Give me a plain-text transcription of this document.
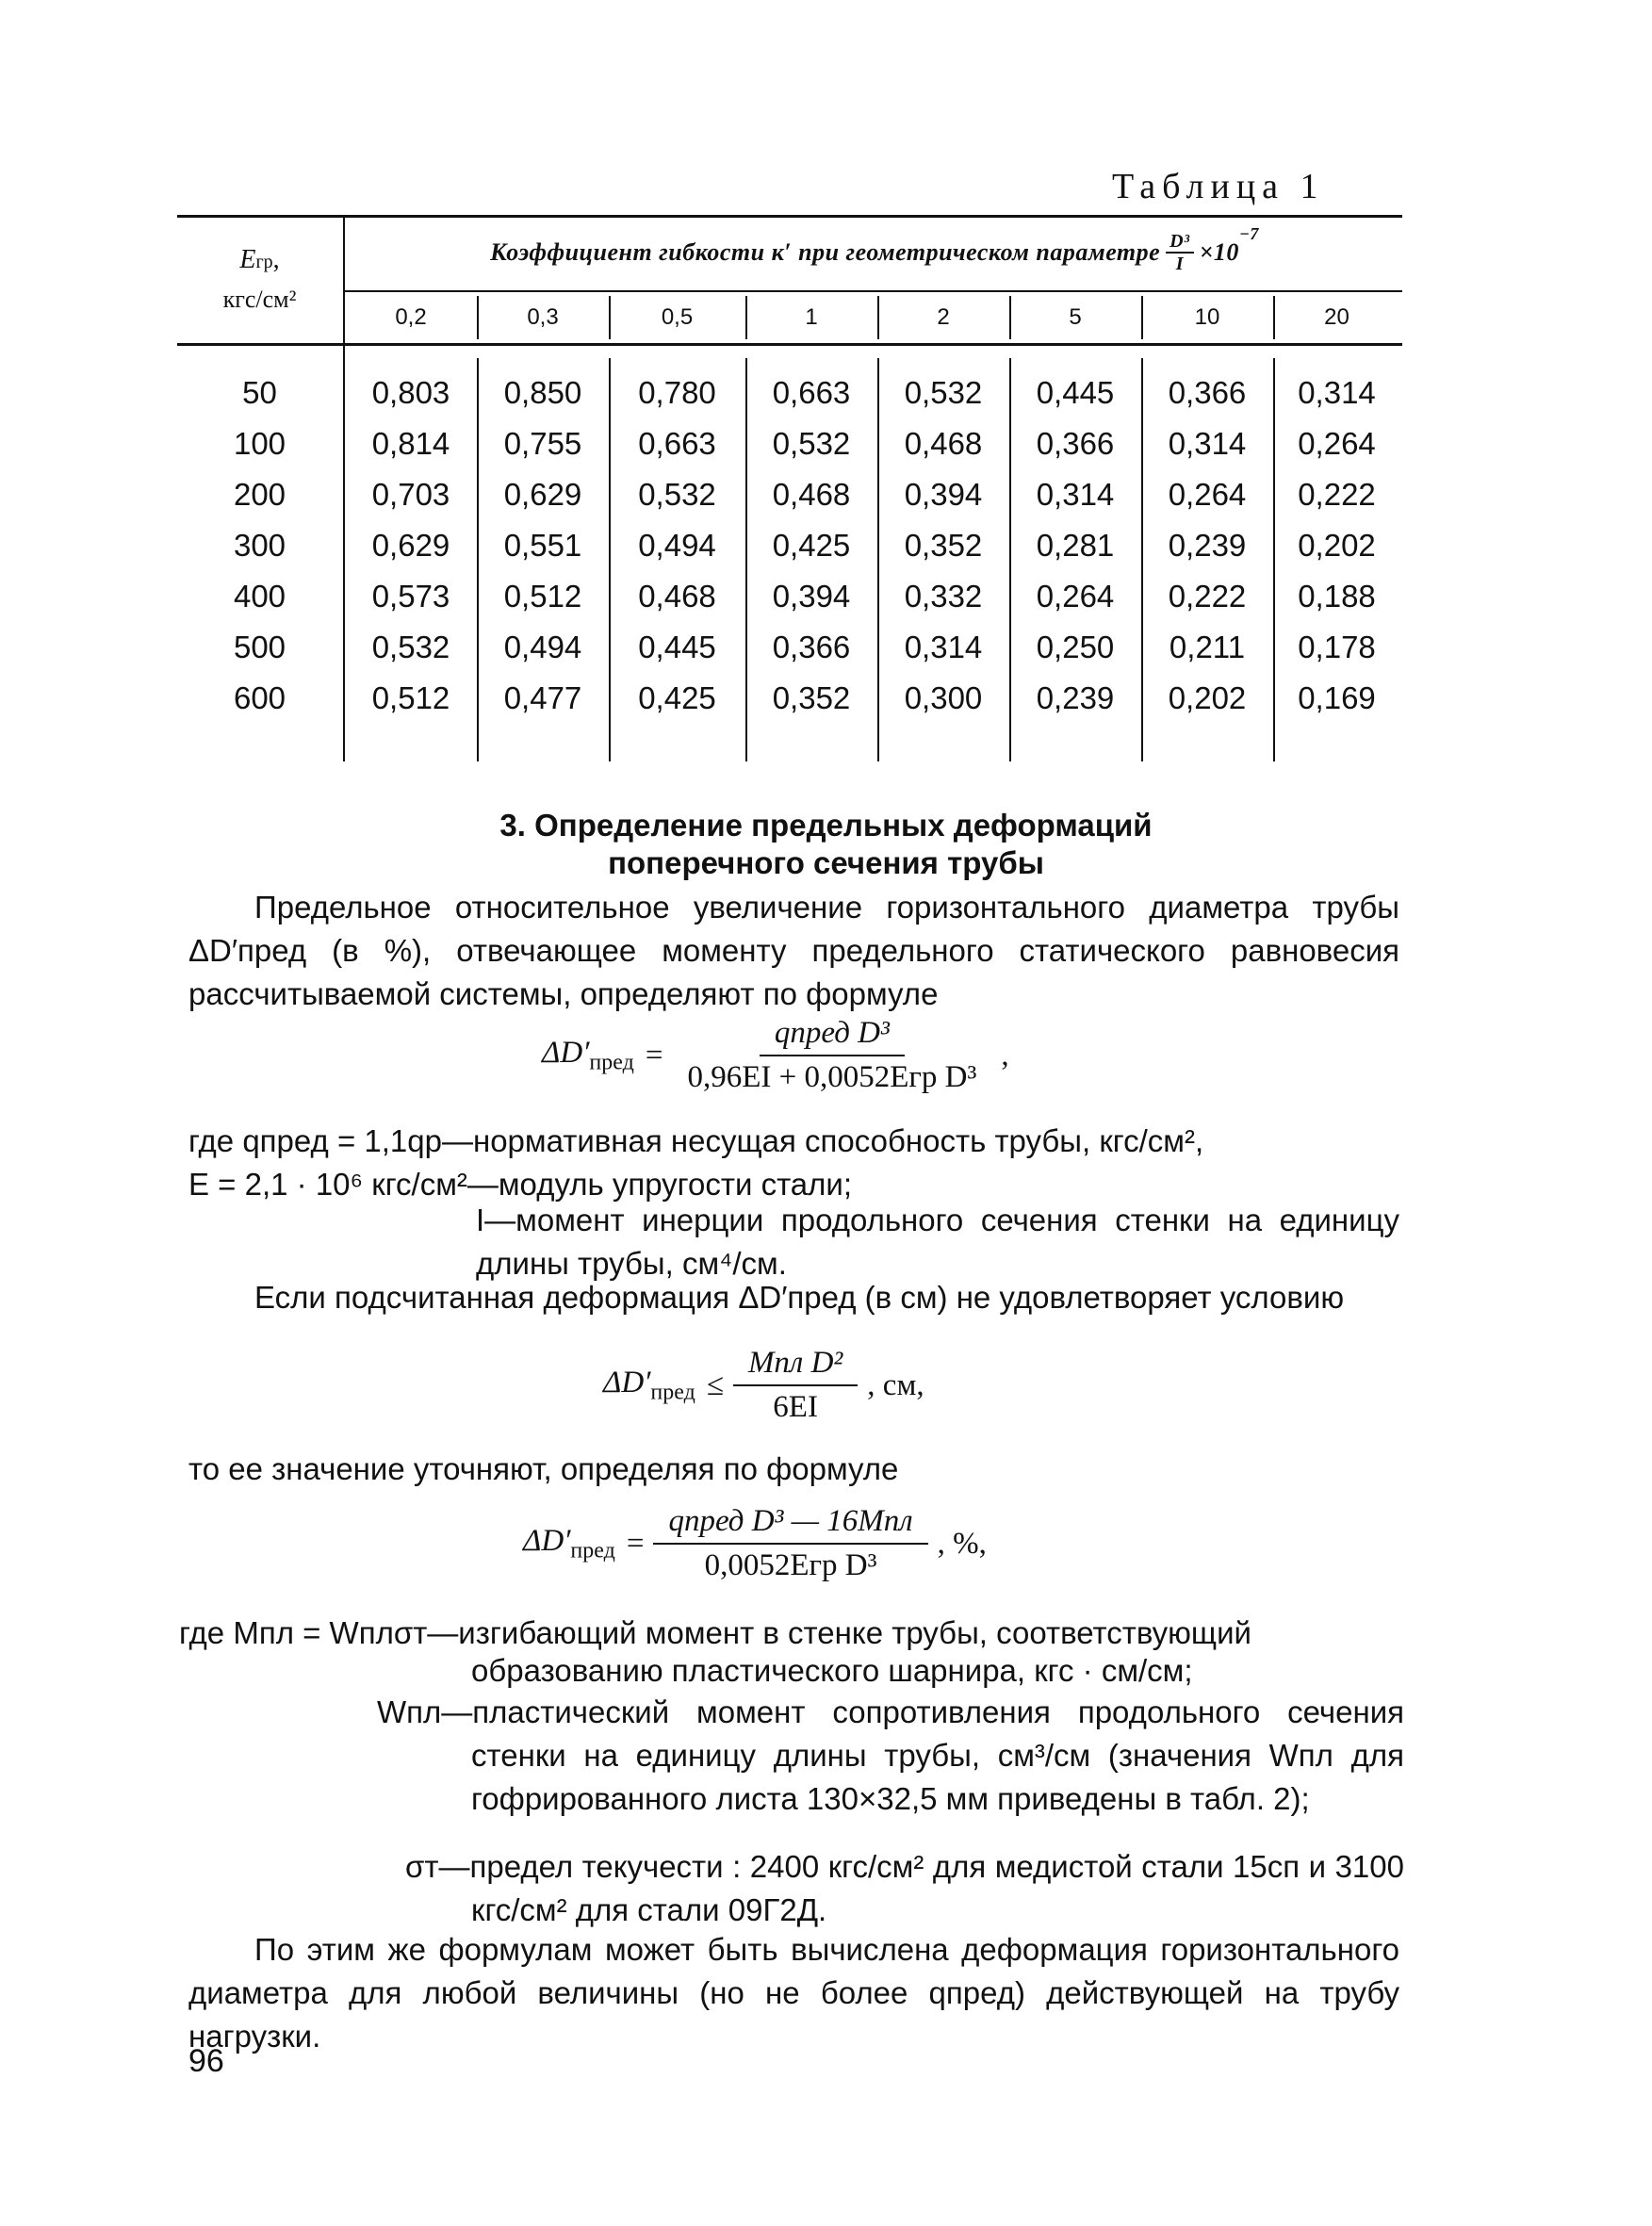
Таблица 1
Eгр,
кгс/см²
Коэффициент гибкости к′ при геометрическом параметре $\frac{\text{D³}}{I} \times 10$
−7
0,2	0,3	0,5	1	2	5	10	20
50	0,803	0,850	0,780	0,663	0,532	0,445	0,366	0,314
100	0,814	0,755	0,663	0,532	0,468	0,366	0,314	0,264
200	0,703	0,629	0,532	0,468	0,394	0,314	0,264	0,222
300	0,629	0,551	0,494	0,425	0,352	0,281	0,239	0,202
400	0,573	0,512	0,468	0,394	0,332	0,264	0,222	0,188
500	0,532	0,494	0,445	0,366	0,314	0,250	0,211	0,178
600	0,512	0,477	0,425	0,352	0,300	0,239	0,202	0,169
3. Определение предельных деформаций
поперечного сечения трубы
Предельное относительное увеличение горизонтального диаметра трубы ΔD′пред (в %), отвечающее моменту предельного статического равновесия рассчитываемой системы, определяют по формуле
$\Delta D'_{пред} = \frac{\text{qпред D³}}{\text{0,96EI + 0,0052Eгр D³}}$ ,
где qпред = 1,1qр—нормативная несущая способность трубы, кгс/см²,
E = 2,1 · 10⁶ кгс/см²—модуль упругости стали;
I—момент инерции продольного сечения стенки на единицу длины трубы, см⁴/см.
Если подсчитанная деформация ΔD′пред (в см) не удовлетворяет условию
$\Delta D'_{пред} \le \frac{\text{Mпл D²}}{6EI}$ , см,
то ее значение уточняют, определяя по формуле
$\Delta D'_{пред} = \frac{\text{qпред D³ — 16Mпл}}{\text{0,0052Eгр D³}}$ , %,
где Mпл = Wплσт—изгибающий момент в стенке трубы, соответствующий
образованию пластического шарнира, кгс · см/см;
Wпл—пластический момент сопротивления продольного сечения стенки на единицу длины трубы, см³/см (значения Wпл для гофрированного листа 130×32,5 мм приведены в табл. 2);
σт—предел текучести : 2400 кгс/см² для медистой стали 15сп и 3100 кгс/см² для стали 09Г2Д.
По этим же формулам может быть вычислена деформация горизонтального диаметра для любой величины (но не более qпред) действующей на трубу нагрузки.
96
